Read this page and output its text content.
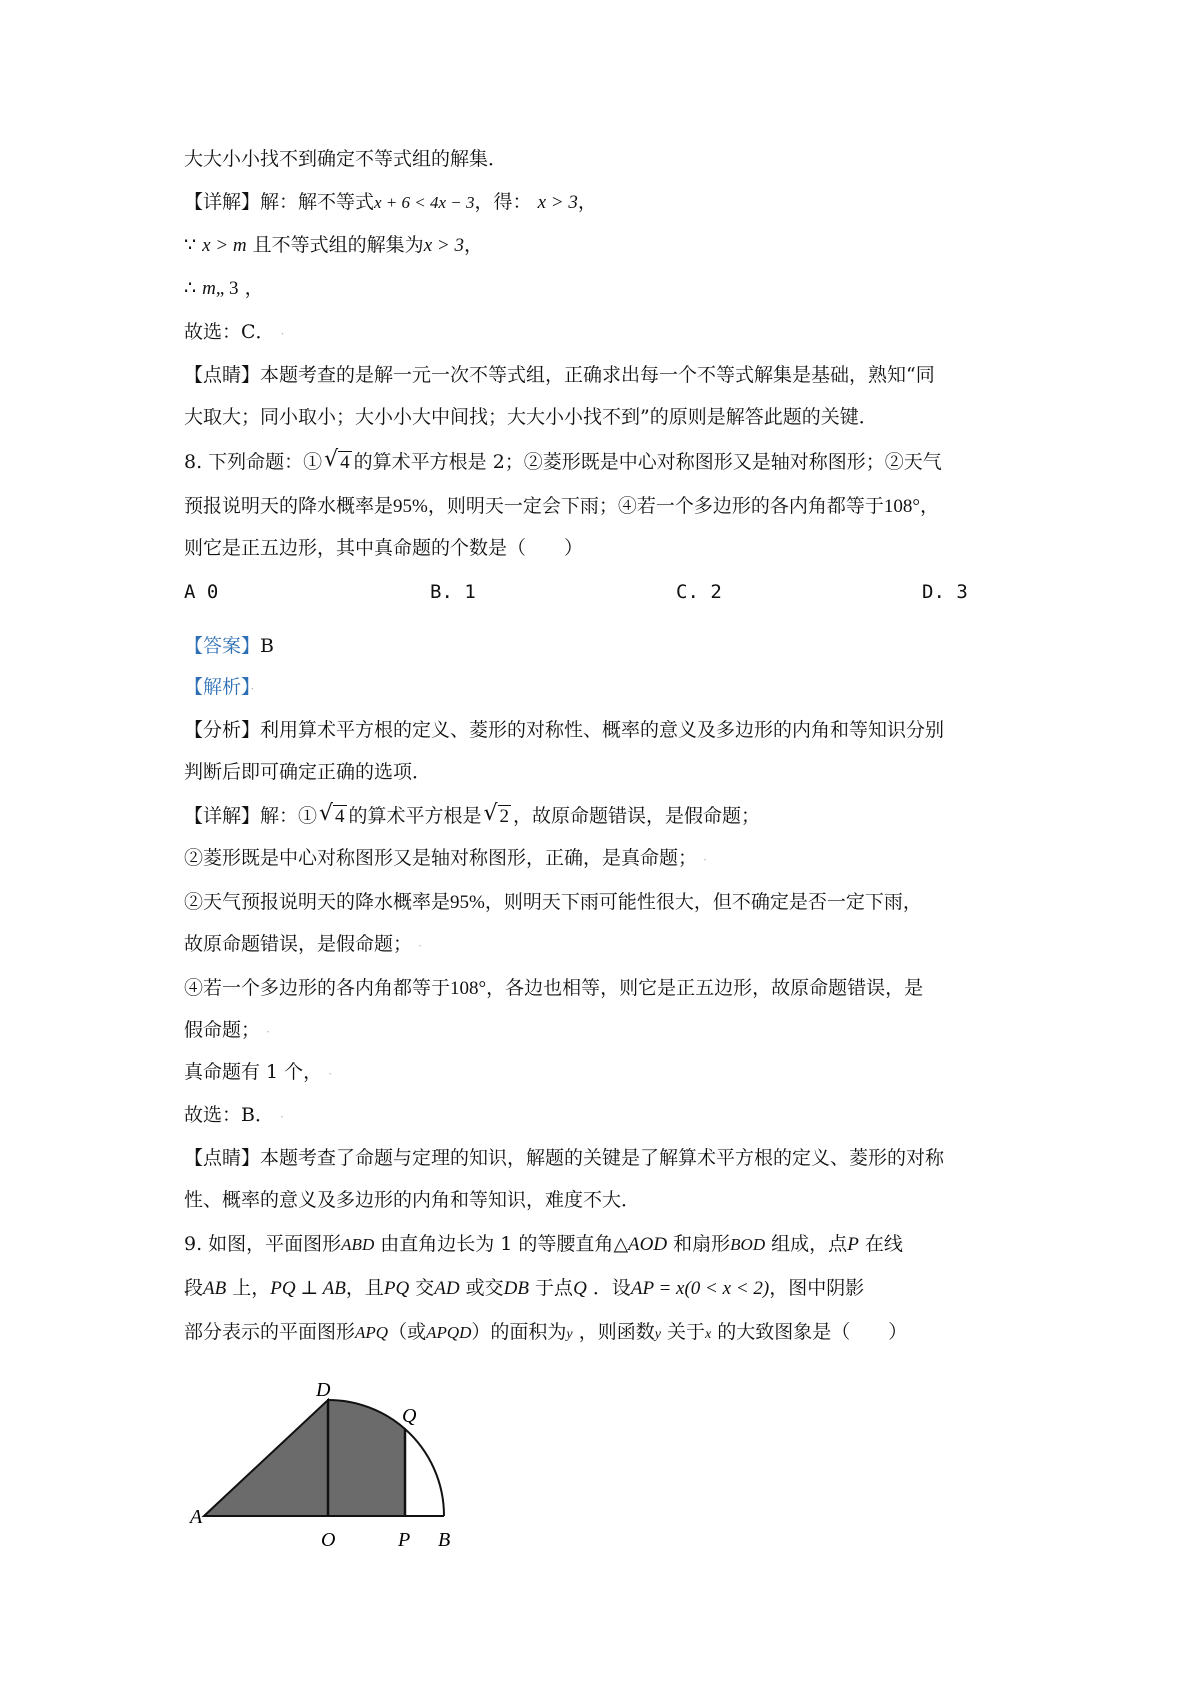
大大小小找不到确定不等式组的解集．
【详解】解：解不等式x + 6 < 4x − 3，得： x > 3，
∵ x > m 且不等式组的解集为x > 3，
∴ m„ 3 ，
故选：C． ·
【点睛】本题考查的是解一元一次不等式组，正确求出每一个不等式解集是基础，熟知“同
大取大；同小取小；大小小大中间找；大大小小找不到”的原则是解答此题的关键．
8. 下列命题：① √ 4 的算术平方根是 2；②菱形既是中心对称图形又是轴对称图形；②天气
预报说明天的降水概率是95%，则明天一定会下雨；④若一个多边形的各内角都等于108°，
则它是正五边形，其中真命题的个数是（　　）
A 0	B. 1	C. 2	D. 3
【答案】B
【解析】·
【分析】利用算术平方根的定义、菱形的对称性、概率的意义及多边形的内角和等知识分别
判断后即可确定正确的选项．
【详解】解：① √ 4 的算术平方根是 √ 2 ，故原命题错误，是假命题；
②菱形既是中心对称图形又是轴对称图形，正确，是真命题； ·
②天气预报说明天的降水概率是95%，则明天下雨可能性很大，但不确定是否一定下雨，
故原命题错误，是假命题； ·
④若一个多边形的各内角都等于108°，各边也相等，则它是正五边形，故原命题错误，是
假命题； ·
真命题有 1 个， ·
故选：B． ·
【点睛】本题考查了命题与定理的知识，解题的关键是了解算术平方根的定义、菱形的对称
性、概率的意义及多边形的内角和等知识，难度不大．
9. 如图，平面图形ABD 由直角边长为 1 的等腰直角△AOD 和扇形BOD 组成，点P 在线
段AB 上，PQ ⊥ AB，且PQ 交AD 或交DB 于点Q ．设AP = x(0 < x < 2)，图中阴影
部分表示的平面图形APQ（或APQD）的面积为y ，则函数y 关于x 的大致图象是（　　）
A
O	P B
D
Q
